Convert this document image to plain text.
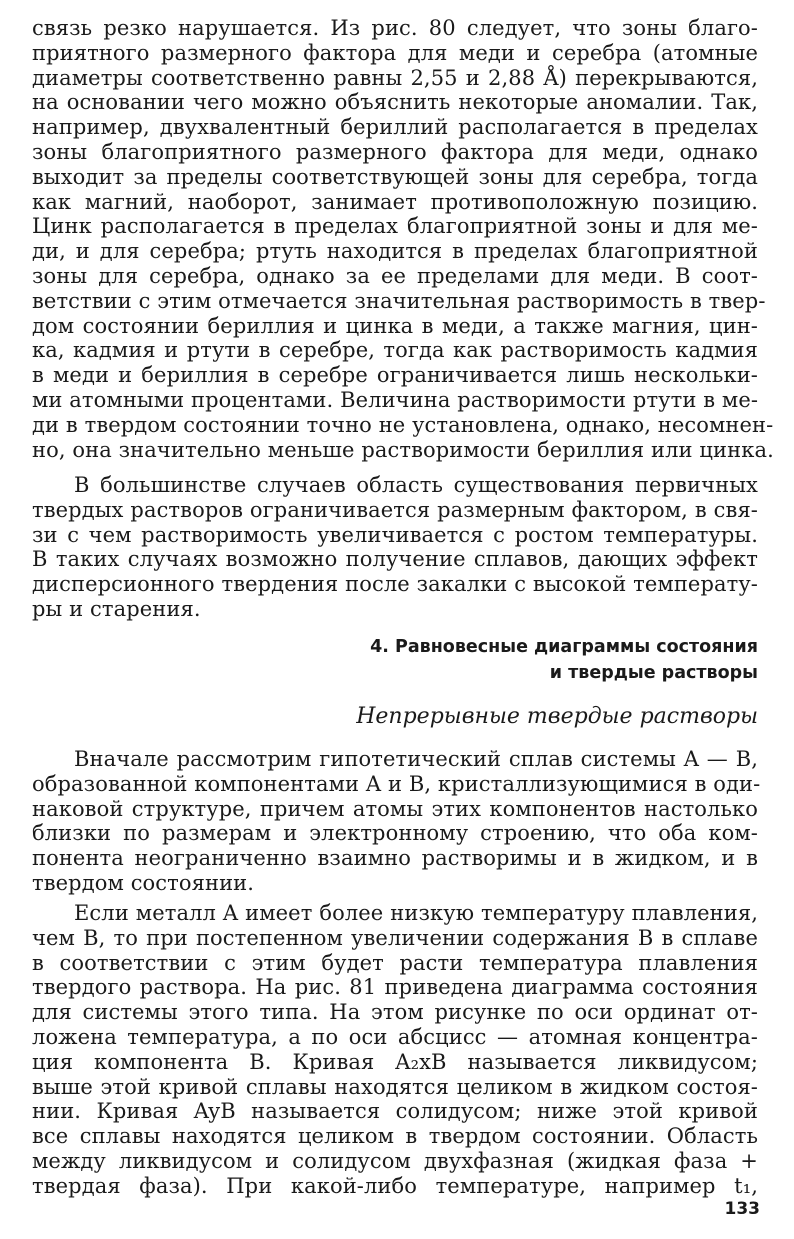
связь резко нарушается. Из рис. 80 следует, что зоны благо-
приятного размерного фактора для меди и серебра (атомные
диаметры соответственно равны 2,55 и 2,88 Å) перекрываются,
на основании чего можно объяснить некоторые аномалии. Так,
например, двухвалентный бериллий располагается в пределах
зоны благоприятного размерного фактора для меди, однако
выходит за пределы соответствующей зоны для серебра, тогда
как магний, наоборот, занимает противоположную позицию.
Цинк располагается в пределах благоприятной зоны и для ме-
ди, и для серебра; ртуть находится в пределах благоприятной
зоны для серебра, однако за ее пределами для меди. В соот-
ветствии с этим отмечается значительная растворимость в твер-
дом состоянии бериллия и цинка в меди, а также магния, цин-
ка, кадмия и ртути в серебре, тогда как растворимость кадмия
в меди и бериллия в серебре ограничивается лишь нескольки-
ми атомными процентами. Величина растворимости ртути в ме-
ди в твердом состоянии точно не установлена, однако, несомнен-
но, она значительно меньше растворимости бериллия или цинка.
В большинстве случаев область существования первичных
твердых растворов ограничивается размерным фактором, в свя-
зи с чем растворимость увеличивается с ростом температуры.
В таких случаях возможно получение сплавов, дающих эффект
дисперсионного твердения после закалки с высокой температу-
ры и старения.
4. Равновесные диаграммы состояния
и твердые растворы
Непрерывные твердые растворы
Вначале рассмотрим гипотетический сплав системы A — B,
образованной компонентами A и B, кристаллизующимися в оди-
наковой структуре, причем атомы этих компонентов настолько
близки по размерам и электронному строению, что оба ком-
понента неограниченно взаимно растворимы и в жидком, и в
твердом состоянии.
Если металл A имеет более низкую температуру плавления,
чем B, то при постепенном увеличении содержания B в сплаве
в соответствии с этим будет расти температура плавления
твердого раствора. На рис. 81 приведена диаграмма состояния
для системы этого типа. На этом рисунке по оси ординат от-
ложена температура, а по оси абсцисс — атомная концентра-
ция компонента B. Кривая A₂xB называется ликвидусом;
выше этой кривой сплавы находятся целиком в жидком состоя-
нии. Кривая AyB называется солидусом; ниже этой кривой
все сплавы находятся целиком в твердом состоянии. Область
между ликвидусом и солидусом двухфазная (жидкая фаза +
твердая фаза). При какой-либо температуре, например t₁,
133
